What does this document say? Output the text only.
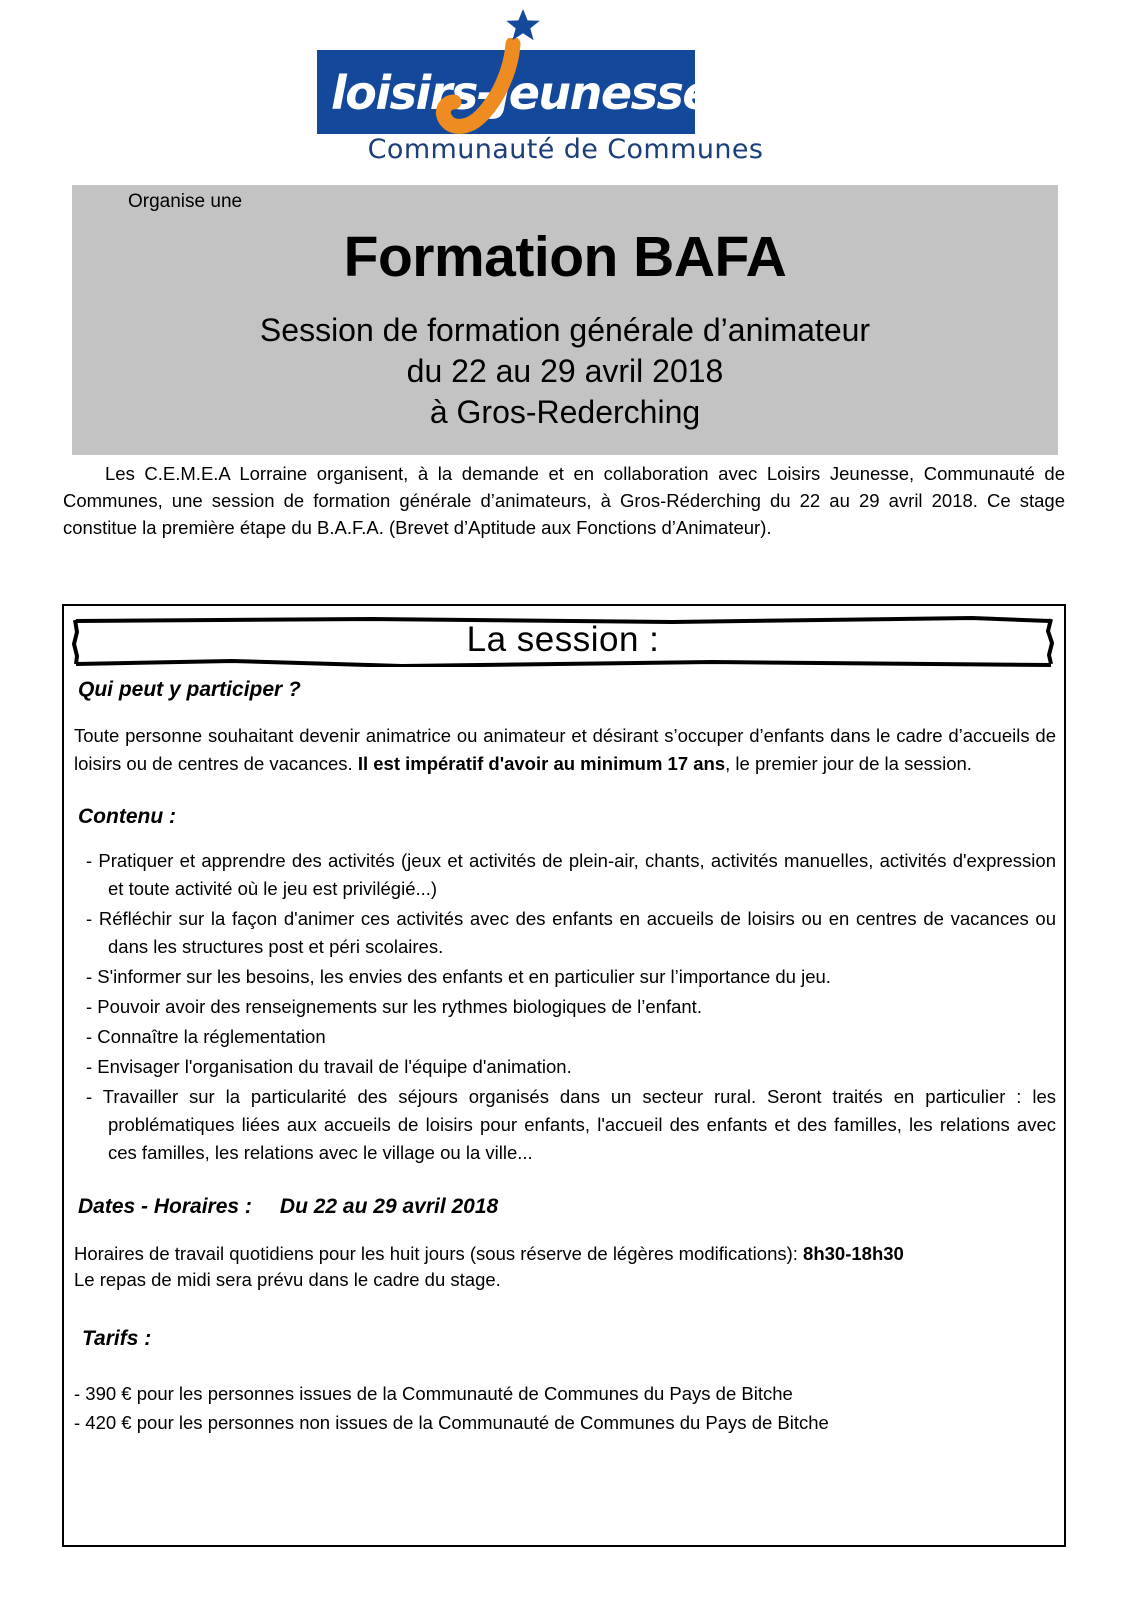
loisirs-jeunesse
Communauté de Communes
Organise une
Formation BAFA
Session de formation générale d’animateur
du 22 au 29 avril 2018
à Gros-Rederching
Les C.E.M.E.A Lorraine organisent, à la demande et en collaboration avec Loisirs Jeunesse, Communauté de Communes, une session de formation générale d’animateurs, à Gros-Réderching du 22 au 29 avril 2018. Ce stage constitue la première étape du B.A.F.A. (Brevet d’Aptitude aux Fonctions d’Animateur).
La session :
Qui peut y participer ?

Toute personne souhaitant devenir animatrice ou animateur et désirant s’occuper d’enfants dans le cadre d’accueils de loisirs ou de centres de vacances. Il est impératif d'avoir au minimum 17 ans, le premier jour de la session.

Contenu :
- Pratiquer et apprendre des activités (jeux et activités de plein-air, chants, activités manuelles, activités d'expression et toute activité où le jeu est privilégié...)
- Réfléchir sur la façon d'animer ces activités avec des enfants en accueils de loisirs ou en centres de vacances ou dans les structures post et péri scolaires.
- S'informer sur les besoins, les envies des enfants et en particulier sur l’importance du jeu.
- Pouvoir avoir des renseignements sur les rythmes biologiques de l’enfant.
- Connaître la réglementation
- Envisager l'organisation du travail de l'équipe d'animation.
- Travailler sur la particularité des séjours organisés dans un secteur rural. Seront traités en particulier : les problématiques liées aux accueils de loisirs pour enfants, l'accueil des enfants et des familles, les relations avec ces familles, les relations avec le village ou la ville...
Dates - Horaires : Du 22 au 29 avril 2018
Horaires de travail quotidiens pour les huit jours (sous réserve de légères modifications): 8h30-18h30
Le repas de midi sera prévu dans le cadre du stage.
Tarifs :
- 390 € pour les personnes issues de la Communauté de Communes du Pays de Bitche
- 420 € pour les personnes non issues de la Communauté de Communes du Pays de Bitche
